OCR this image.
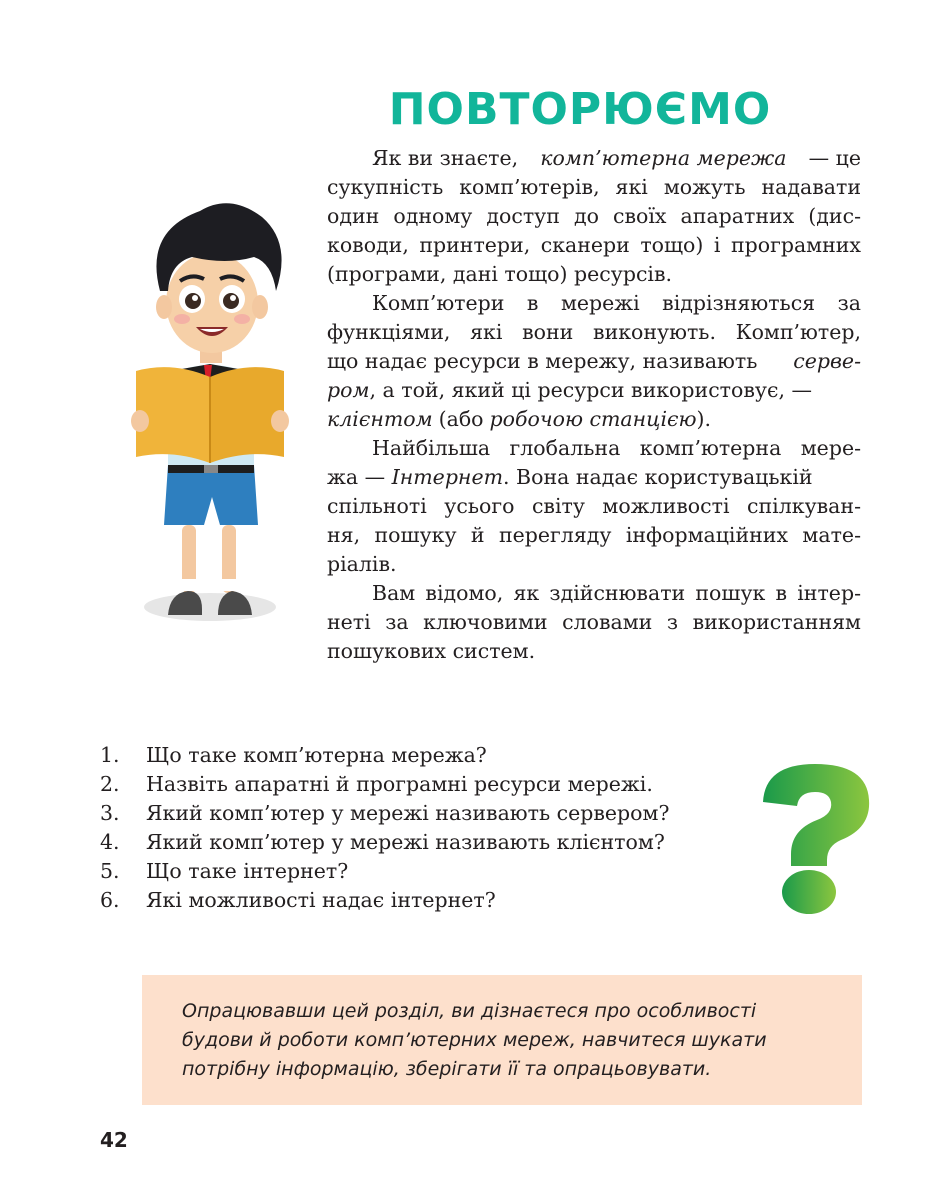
ПОВТОРЮЄМО
Як ви знаєте, комп’ютерна мережа — це
сукупність комп’ютерів, які можуть надавати
один одному доступ до своїх апаратних (дис-
ководи, принтери, сканери тощо) і програмних
(програми, дані тощо) ресурсів.
Комп’ютери в мережі відрізняються за
функціями, які вони виконують. Комп’ютер,
що надає ресурси в мережу, називають серве-
ром, а той, який ці ресурси використовує, —
клієнтом (або робочою станцією).
Найбільша глобальна комп’ютерна мере-
жа — Інтернет. Вона надає користувацькій
спільноті усього світу можливості спілкуван-
ня, пошуку й перегляду інформаційних мате-
ріалів.
Вам відомо, як здійснювати пошук в інтер-
неті за ключовими словами з використанням
пошукових систем.
1.	Що таке комп’ютерна мережа?
2.	Назвіть апаратні й програмні ресурси мережі.
3.	Який комп’ютер у мережі називають сервером?
4.	Який комп’ютер у мережі називають клієнтом?
5.	Що таке інтернет?
6.	Які можливості надає інтернет?
Опрацювавши цей розділ, ви дізнаєтеся про особливості
будови й роботи комп’ютерних мереж, навчитеся шукати
потрібну інформацію, зберігати її та опрацьовувати.
42
